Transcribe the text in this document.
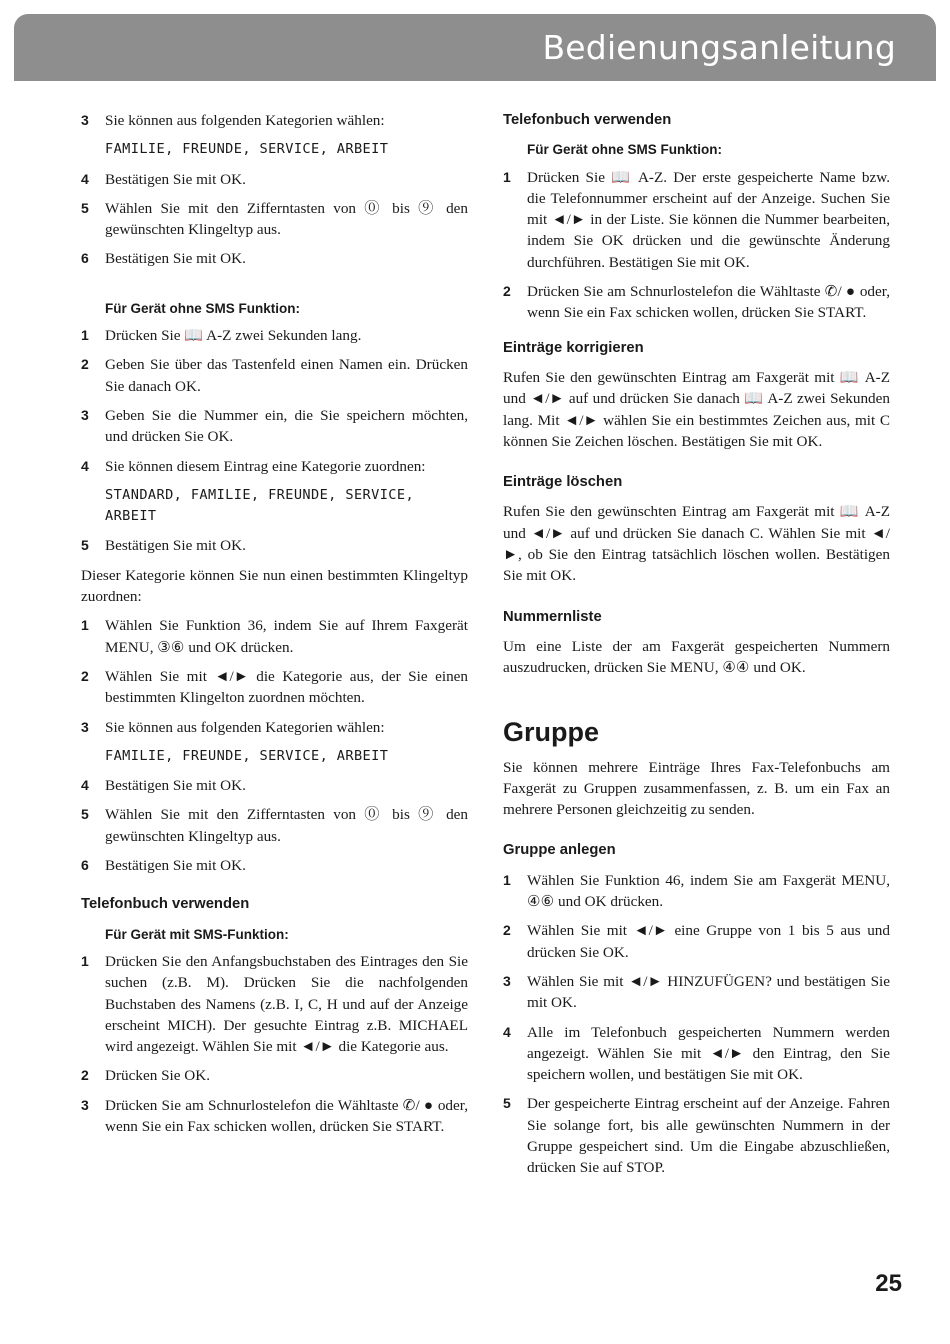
Bedienungsanleitung
3	Sie können aus folgenden Kategorien wählen:
FAMILIE, FREUNDE, SERVICE, ARBEIT
4	Bestätigen Sie mit OK.
5	Wählen Sie mit den Zifferntasten von ⓪ bis ⑨ den gewünschten Klingeltyp aus.
6	Bestätigen Sie mit OK.
Für Gerät ohne SMS Funktion:
1	Drücken Sie 📖 A-Z zwei Sekunden lang.
2	Geben Sie über das Tastenfeld einen Namen ein. Drücken Sie danach OK.
3	Geben Sie die Nummer ein, die Sie speichern möchten, und drücken Sie OK.
4	Sie können diesem Eintrag eine Kategorie zuordnen:
STANDARD, FAMILIE, FREUNDE, SERVICE, ARBEIT
5	Bestätigen Sie mit OK.

Dieser Kategorie können Sie nun einen bestimmten Klingeltyp zuordnen:

1	Wählen Sie Funktion 36, indem Sie auf Ihrem Faxgerät MENU, ③⑥ und OK drücken.
2	Wählen Sie mit ◄/► die Kategorie aus, der Sie einen bestimmten Klingelton zuordnen möchten.
3	Sie können aus folgenden Kategorien wählen:
FAMILIE, FREUNDE, SERVICE, ARBEIT
4	Bestätigen Sie mit OK.
5	Wählen Sie mit den Zifferntasten von ⓪ bis ⑨ den gewünschten Klingeltyp aus.
6	Bestätigen Sie mit OK.
Telefonbuch verwenden
Für Gerät mit SMS-Funktion:
1	Drücken Sie den Anfangsbuchstaben des Eintrages den Sie suchen (z.B. M). Drücken Sie die nachfolgenden Buchstaben des Namens (z.B. I, C, H und auf der Anzeige erscheint MICH). Der gesuchte Eintrag z.B. MICHAEL wird angezeigt. Wählen Sie mit ◄/► die Kategorie aus.
2	Drücken Sie OK.
3	Drücken Sie am Schnurlostelefon die Wähltaste ✆/ ● oder, wenn Sie ein Fax schicken wollen, drücken Sie START.
Telefonbuch verwenden
Für Gerät ohne SMS Funktion:
1	Drücken Sie 📖 A-Z. Der erste gespeicherte Name bzw. die Telefonnummer erscheint auf der Anzeige. Suchen Sie mit ◄/► in der Liste. Sie können die Nummer bearbeiten, indem Sie OK drücken und die gewünschte Änderung durchführen. Bestätigen Sie mit OK.
2	Drücken Sie am Schnurlostelefon die Wähltaste ✆/ ● oder, wenn Sie ein Fax schicken wollen, drücken Sie START.
Einträge korrigieren

Rufen Sie den gewünschten Eintrag am Faxgerät mit 📖 A-Z und ◄/► auf und drücken Sie danach 📖 A-Z zwei Sekunden lang. Mit ◄/► wählen Sie ein bestimmtes Zeichen aus, mit C können Sie Zeichen löschen. Bestätigen Sie mit OK.

Einträge löschen

Rufen Sie den gewünschten Eintrag am Faxgerät mit 📖 A-Z und ◄/► auf und drücken Sie danach C. Wählen Sie mit ◄/►, ob Sie den Eintrag tatsächlich löschen wollen. Bestätigen Sie mit OK.

Nummernliste

Um eine Liste der am Faxgerät gespeicherten Nummern auszudrucken, drücken Sie MENU, ④④ und OK.

Gruppe

Sie können mehrere Einträge Ihres Fax-Telefonbuchs am Faxgerät zu Gruppen zusammenfassen, z. B. um ein Fax an mehrere Personen gleichzeitig zu senden.

Gruppe anlegen
1	Wählen Sie Funktion 46, indem Sie am Faxgerät MENU, ④⑥ und OK drücken.
2	Wählen Sie mit ◄/► eine Gruppe von 1 bis 5 aus und drücken Sie OK.
3	Wählen Sie mit ◄/► HINZUFÜGEN? und bestätigen Sie mit OK.
4	Alle im Telefonbuch gespeicherten Nummern werden angezeigt. Wählen Sie mit ◄/► den Eintrag, den Sie speichern wollen, und bestätigen Sie mit OK.
5	Der gespeicherte Eintrag erscheint auf der Anzeige. Fahren Sie solange fort, bis alle gewünschten Nummern in der Gruppe gespeichert sind. Um die Eingabe abzuschließen, drücken Sie auf STOP.
25
